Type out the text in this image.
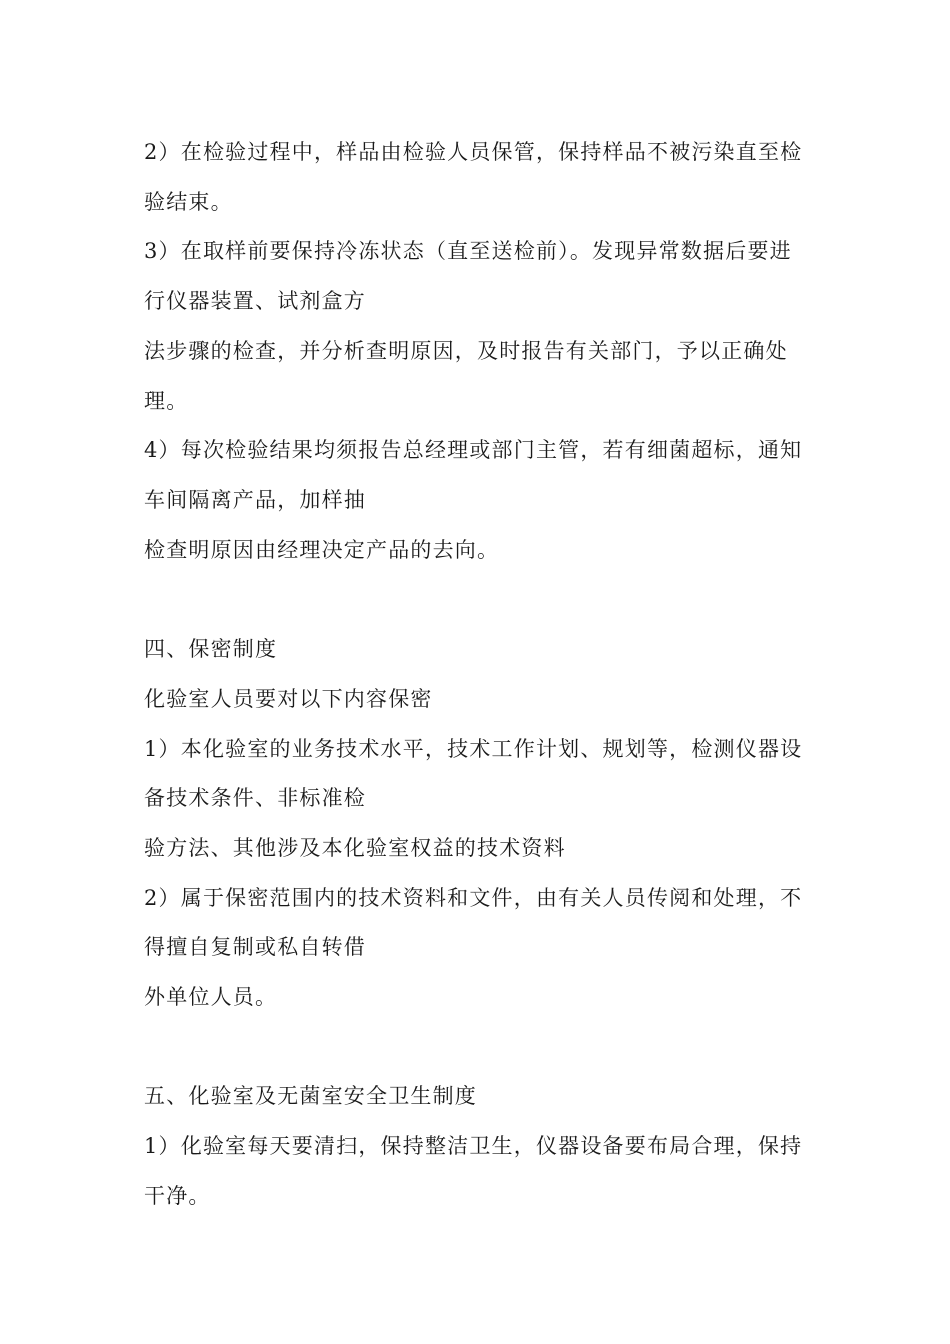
2）在检验过程中，样品由检验人员保管，保持样品不被污染直至检
验结束。
3）在取样前要保持冷冻状态（直至送检前）。发现异常数据后要进
行仪器装置、试剂盒方
法步骤的检查，并分析查明原因，及时报告有关部门，予以正确处
理。
4）每次检验结果均须报告总经理或部门主管，若有细菌超标，通知
车间隔离产品，加样抽
检查明原因由经理决定产品的去向。
四、保密制度
化验室人员要对以下内容保密
1）本化验室的业务技术水平，技术工作计划、规划等，检测仪器设
备技术条件、非标准检
验方法、其他涉及本化验室权益的技术资料
2）属于保密范围内的技术资料和文件，由有关人员传阅和处理，不
得擅自复制或私自转借
外单位人员。
五、化验室及无菌室安全卫生制度
1）化验室每天要清扫，保持整洁卫生，仪器设备要布局合理，保持
干净。
